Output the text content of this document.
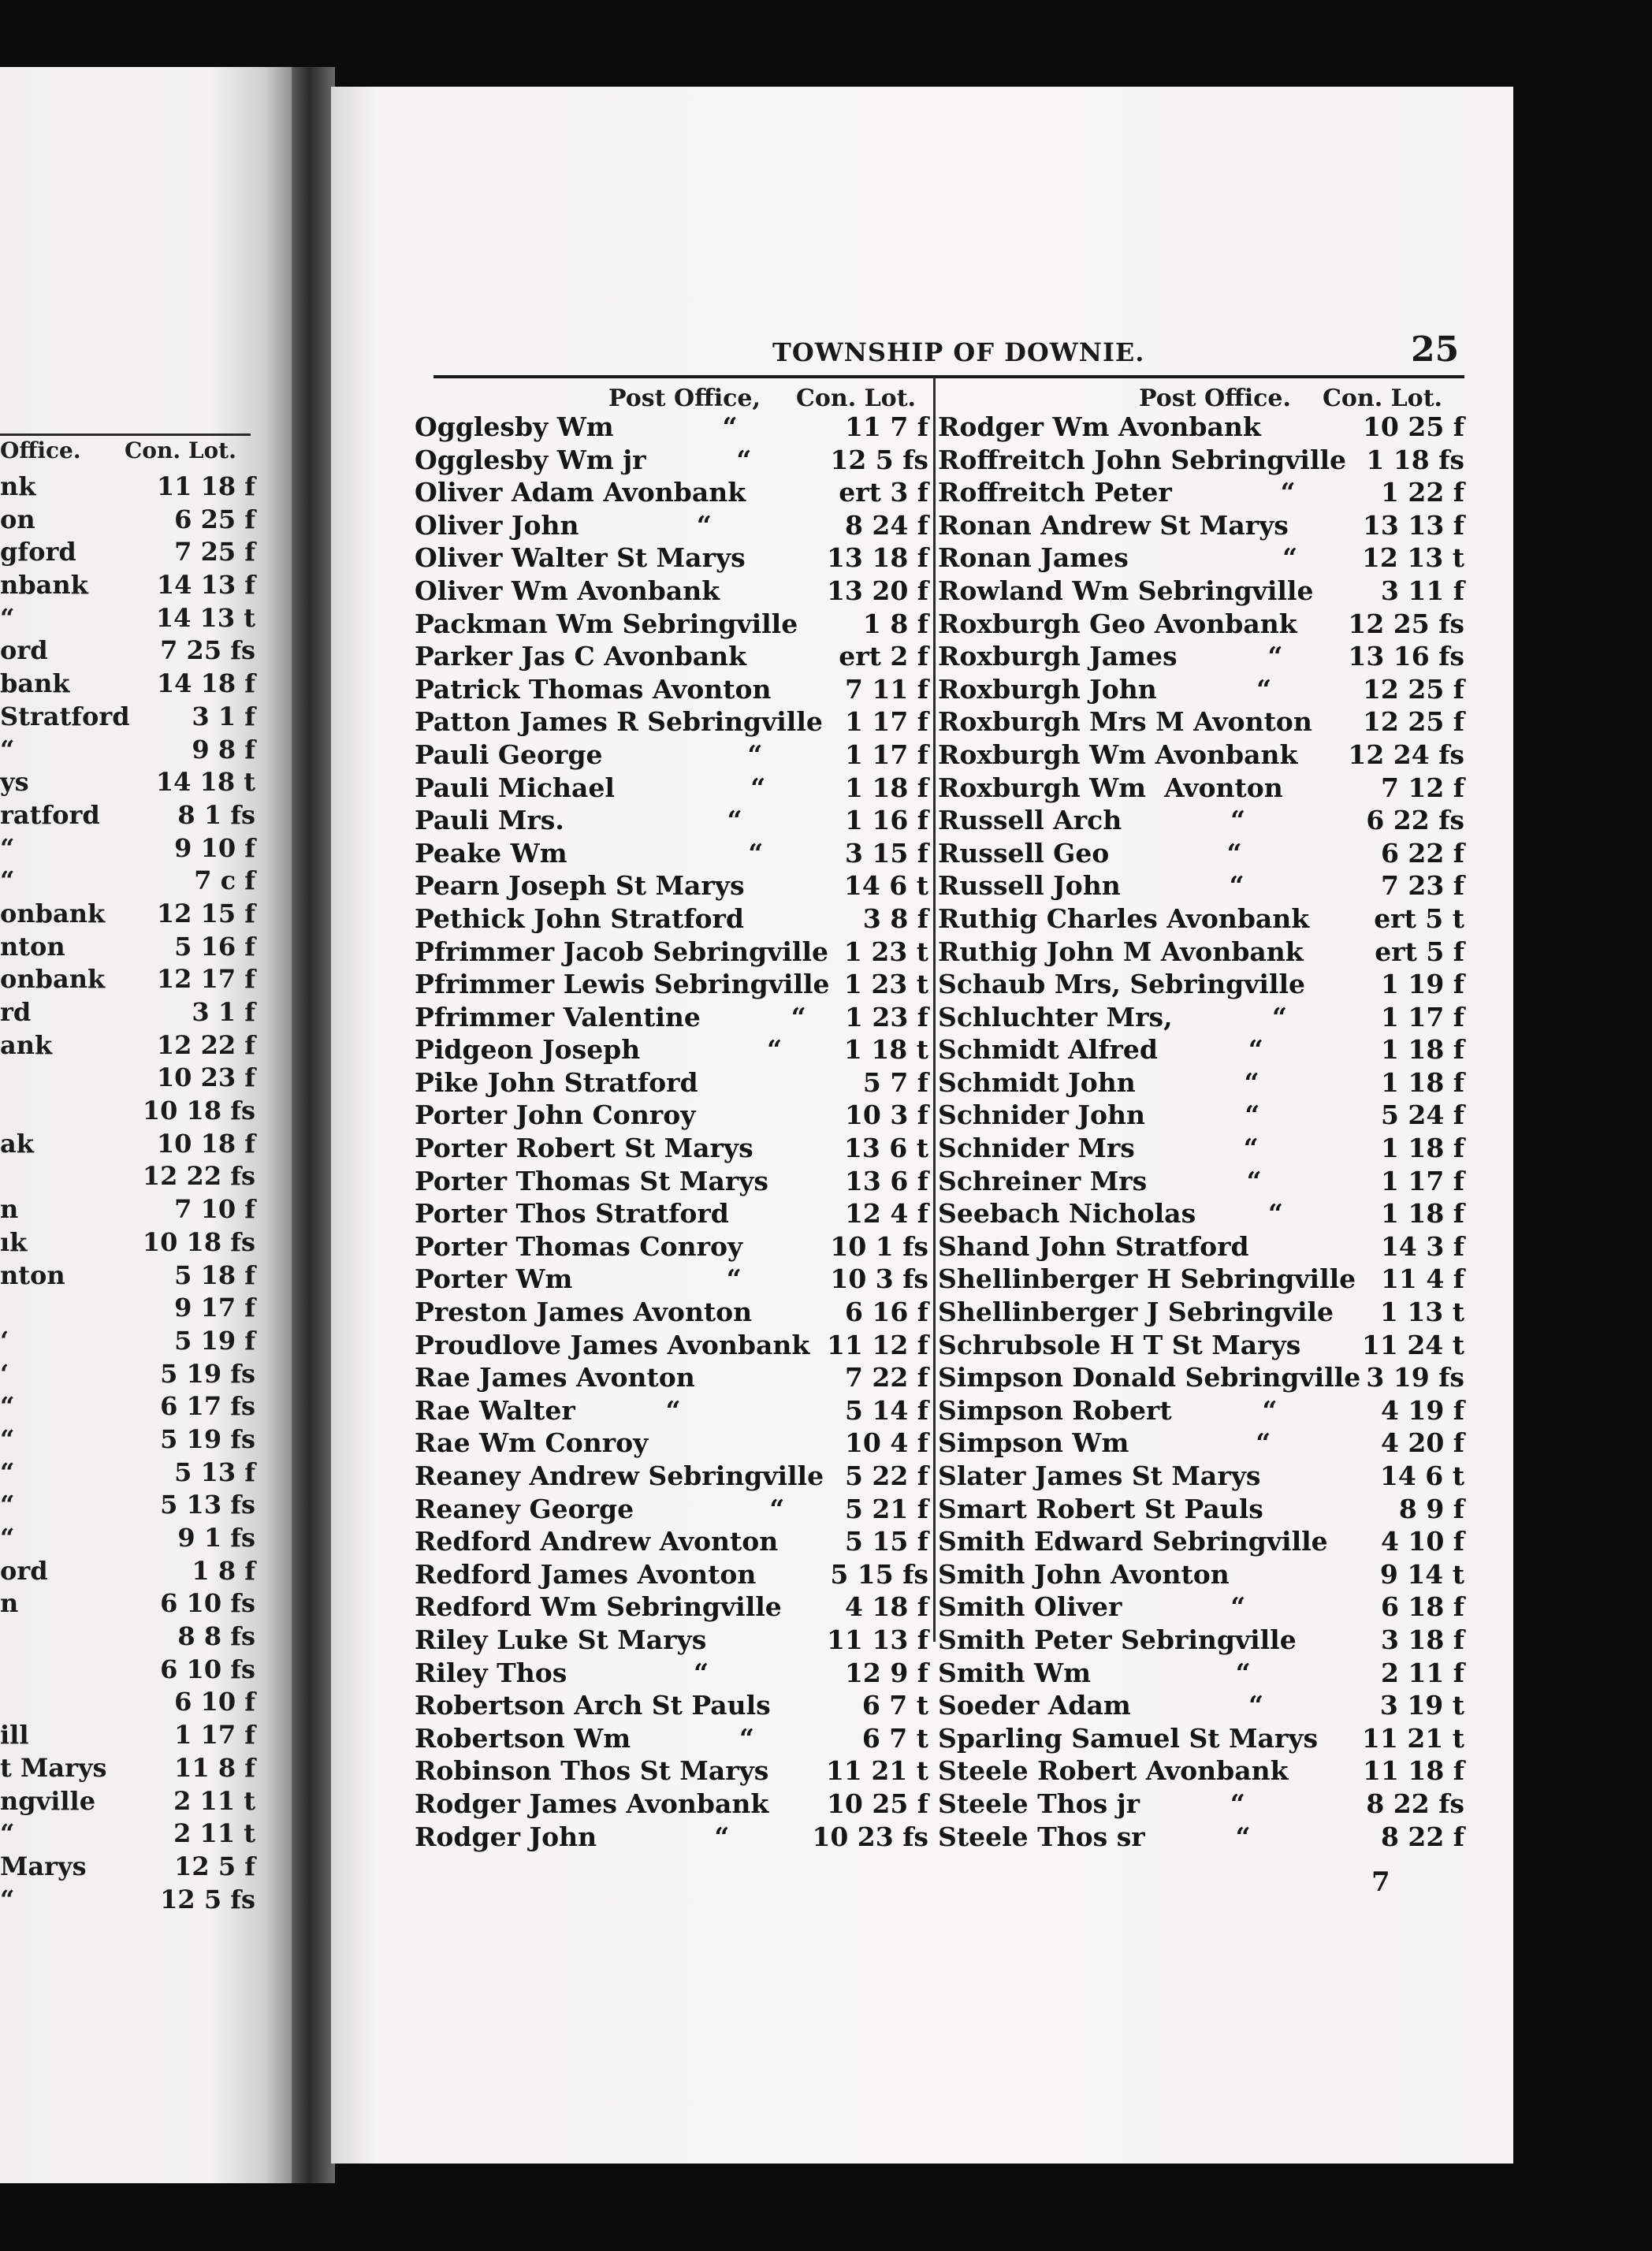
Office. Con. Lot.
nk	11 18 f
on	6 25 f
gford	7 25 f
nbank	14 13 f
“	14 13 t
ord	7 25 fs
bank	14 18 f
Stratford 3 1 f
“	9 8 f
ys	14 18 t
ratford	8 1 fs
“	9 10 f
“	7 c f
onbank 12 15 f
nton	5 16 f
onbank 12 17 f
rd	3 1 f
ank	12 22 f
10 23 f
10 18 fs
ak	10 18 f
12 22 fs
n	7 10 f
ık	10 18 fs
nton	5 18 f
9 17 f
‘	5 19 f
‘	5 19 fs
“	6 17 fs
“	5 19 fs
“	5 13 f
“	5 13 fs
“	9 1 fs
ord	1 8 f
n	6 10 fs
8 8 fs
6 10 fs
6 10 f
ill	1 17 f
t Marys	11 8 f
ngville	2 11 t
“	2 11 t
Marys	12 5 f
“	12 5 fs
TOWNSHIP OF DOWNIE.	25
Post Office, Con. Lot.	Post Office. Con. Lot.
Ogglesby Wm            “	11 7 f
Ogglesby Wm jr          “	12 5 fs
Oliver Adam Avonbank	ert 3 f
Oliver John             “	8 24 f
Oliver Walter St Marys	13 18 f
Oliver Wm Avonbank	13 20 f
Packman Wm Sebringville	1 8 f
Parker Jas C Avonbank	ert 2 f
Patrick Thomas Avonton	7 11 f
Patton James R Sebringville 1 17 f
Pauli George                “	1 17 f
Pauli Michael               “	1 18 f
Pauli Mrs.                  “	1 16 f
Peake Wm                    “	3 15 f
Pearn Joseph St Marys	14 6 t
Pethick John Stratford	3 8 f
Pfrimmer Jacob Sebringville 1 23 t
Pfrimmer Lewis Sebringville 1 23 t
Pfrimmer Valentine          “ 1 23 f
Pidgeon Joseph              “ 1 18 t
Pike John Stratford	5 7 f
Porter John Conroy	10 3 f
Porter Robert St Marys	13 6 t
Porter Thomas St Marys	13 6 f
Porter Thos Stratford	12 4 f
Porter Thomas Conroy	10 1 fs
Porter Wm                 “	10 3 fs
Preston James Avonton	6 16 f
Proudlove James Avonbank 11 12 f
Rae James Avonton	7 22 f
Rae Walter          “	5 14 f
Rae Wm Conroy	10 4 f
Reaney Andrew Sebringville 5 22 f
Reaney George               “ 5 21 f
Redford Andrew Avonton	5 15 f
Redford James Avonton	5 15 fs
Redford Wm Sebringville 4 18 f
Riley Luke St Marys	11 13 f
Riley Thos              “	12 9 f
Robertson Arch St Pauls	6 7 t
Robertson Wm            “	6 7 t
Robinson Thos St Marys 11 21 t
Rodger James Avonbank 10 25 f
Rodger John             “	10 23 fs
Rodger Wm Avonbank	10 25 f
Roffreitch John Sebringville 1 18 fs
Roffreitch Peter            “	1 22 f
Ronan Andrew St Marys	13 13 f
Ronan James                 “ 12 13 t
Rowland Wm Sebringville	3 11 f
Roxburgh Geo Avonbank 12 25 fs
Roxburgh James          “	13 16 fs
Roxburgh John           “	12 25 f
Roxburgh Mrs M Avonton 12 25 f
Roxburgh Wm Avonbank 12 24 fs
Roxburgh Wm  Avonton	7 12 f
Russell Arch            “	6 22 fs
Russell Geo             “	6 22 f
Russell John            “	7 23 f
Ruthig Charles Avonbank ert 5 t
Ruthig John M Avonbank	ert 5 f
Schaub Mrs, Sebringville	1 19 f
Schluchter Mrs,           “	1 17 f
Schmidt Alfred          “	1 18 f
Schmidt John            “	1 18 f
Schnider John           “	5 24 f
Schnider Mrs            “	1 18 f
Schreiner Mrs           “	1 17 f
Seebach Nicholas        “	1 18 f
Shand John Stratford	14 3 f
Shellinberger H Sebringville 11 4 f
Shellinberger J Sebringvile 1 13 t
Schrubsole H T St Marys 11 24 t
Simpson Donald Sebringville 3 19 fs
Simpson Robert          “	4 19 f
Simpson Wm              “	4 20 f
Slater James St Marys	14 6 t
Smart Robert St Pauls	8 9 f
Smith Edward Sebringville 4 10 f
Smith John Avonton	9 14 t
Smith Oliver            “	6 18 f
Smith Peter Sebringville	3 18 f
Smith Wm                “	2 11 f
Soeder Adam             “	3 19 t
Sparling Samuel St Marys 11 21 t
Steele Robert Avonbank	11 18 f
Steele Thos jr          “	8 22 fs
Steele Thos sr          “	8 22 f
7
